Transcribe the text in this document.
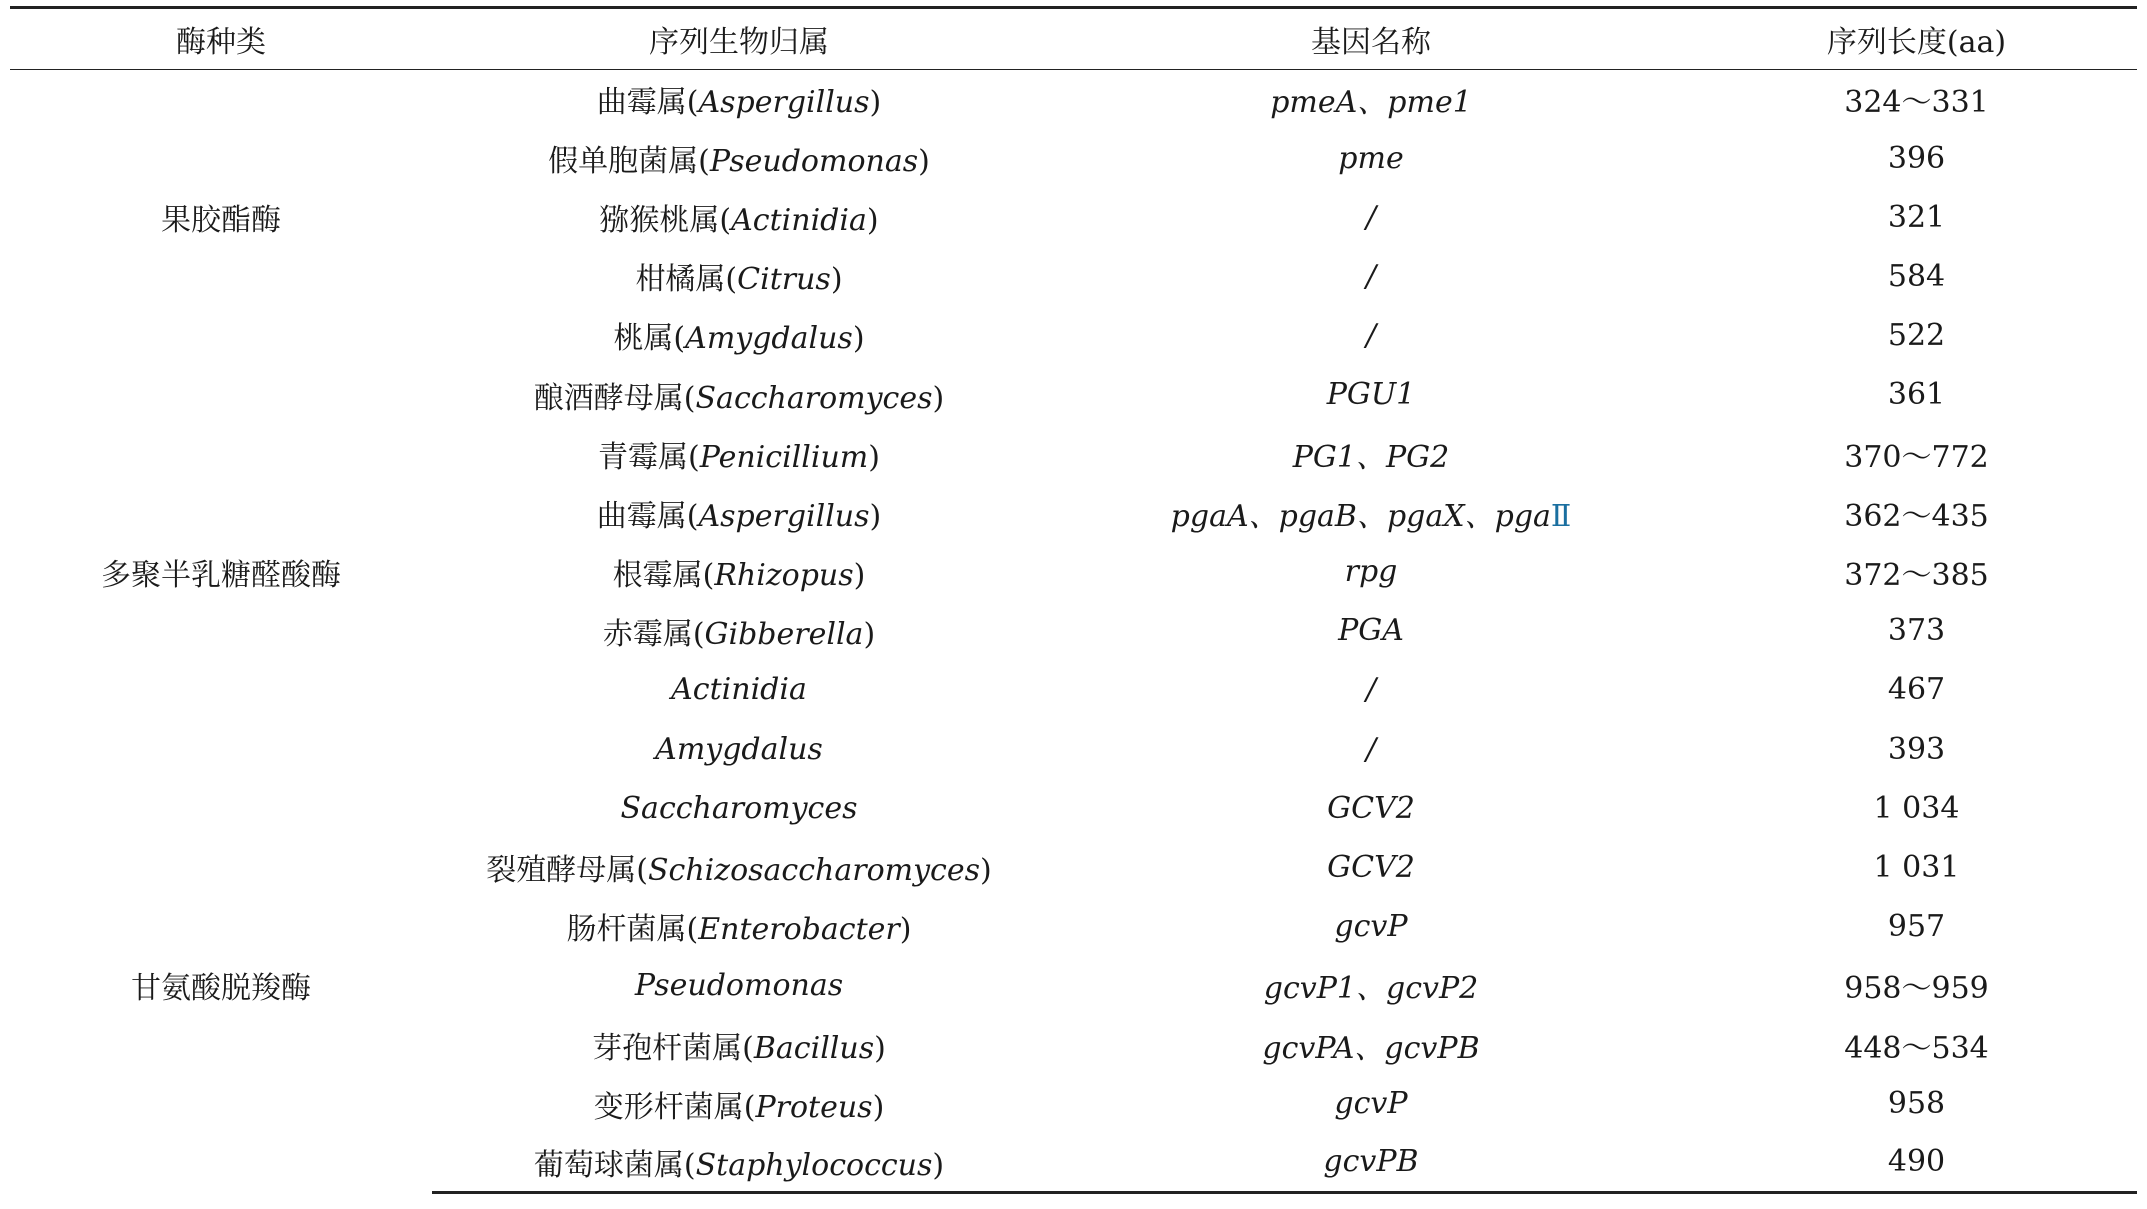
酶种类	序列生物归属	基因名称	序列长度(aa)
果胶酯酶	曲霉属(Aspergillus)	pmeA、pme1	324～331
	假单胞菌属(Pseudomonas)	pme	396
	猕猴桃属(Actinidia)	/	321
	柑橘属(Citrus)	/	584
	桃属(Amygdalus)	/	522
多聚半乳糖醛酸酶	酿酒酵母属(Saccharomyces)	PGU1	361
	青霉属(Penicillium)	PG1、PG2	370～772
	曲霉属(Aspergillus)	pgaA、pgaB、pgaX、pgaⅡ	362～435
	根霉属(Rhizopus)	rpg	372～385
	赤霉属(Gibberella)	PGA	373
	Actinidia	/	467
	Amygdalus	/	393
甘氨酸脱羧酶	Saccharomyces	GCV2	1 034
	裂殖酵母属(Schizosaccharomyces)	GCV2	1 031
	肠杆菌属(Enterobacter)	gcvP	957
	Pseudomonas	gcvP1、gcvP2	958～959
	芽孢杆菌属(Bacillus)	gcvPA、gcvPB	448～534
	变形杆菌属(Proteus)	gcvP	958
	葡萄球菌属(Staphylococcus)	gcvPB	490
